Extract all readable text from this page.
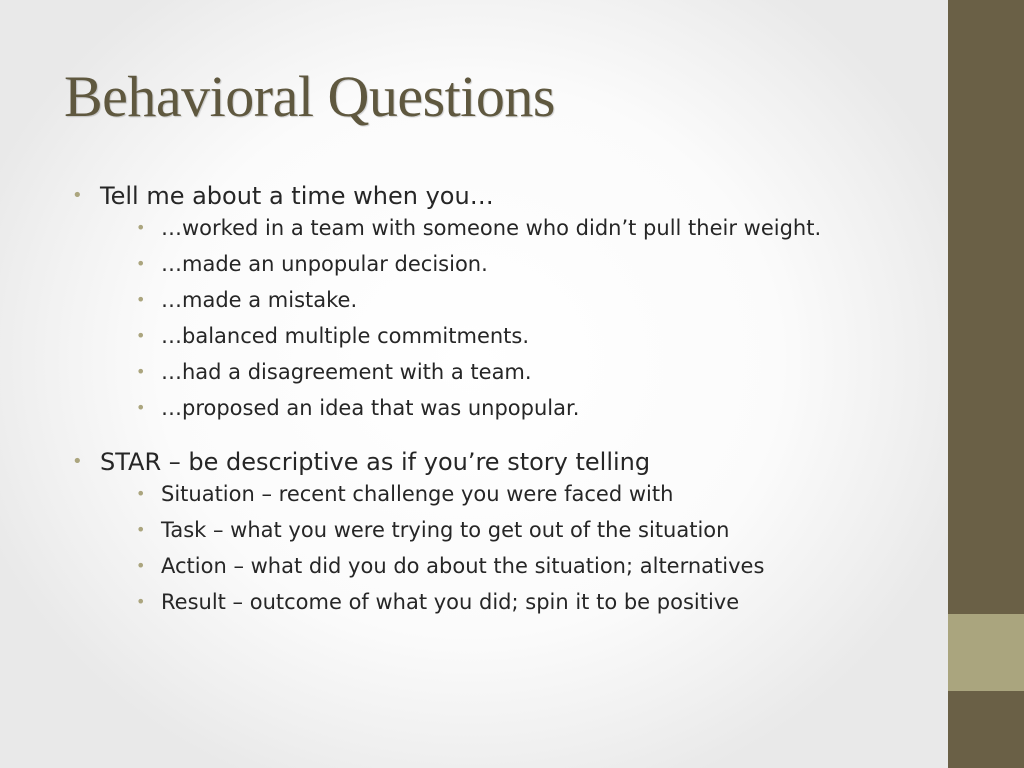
Behavioral Questions
• Tell me about a time when you…
• …worked in a team with someone who didn’t pull their weight.
• …made an unpopular decision.
• …made a mistake.
• …balanced multiple commitments.
• …had a disagreement with a team.
• …proposed an idea that was unpopular.
• STAR – be descriptive as if you’re story telling
• Situation – recent challenge you were faced with
• Task – what you were trying to get out of the situation
• Action – what did you do about the situation; alternatives
• Result – outcome of what you did; spin it to be positive
